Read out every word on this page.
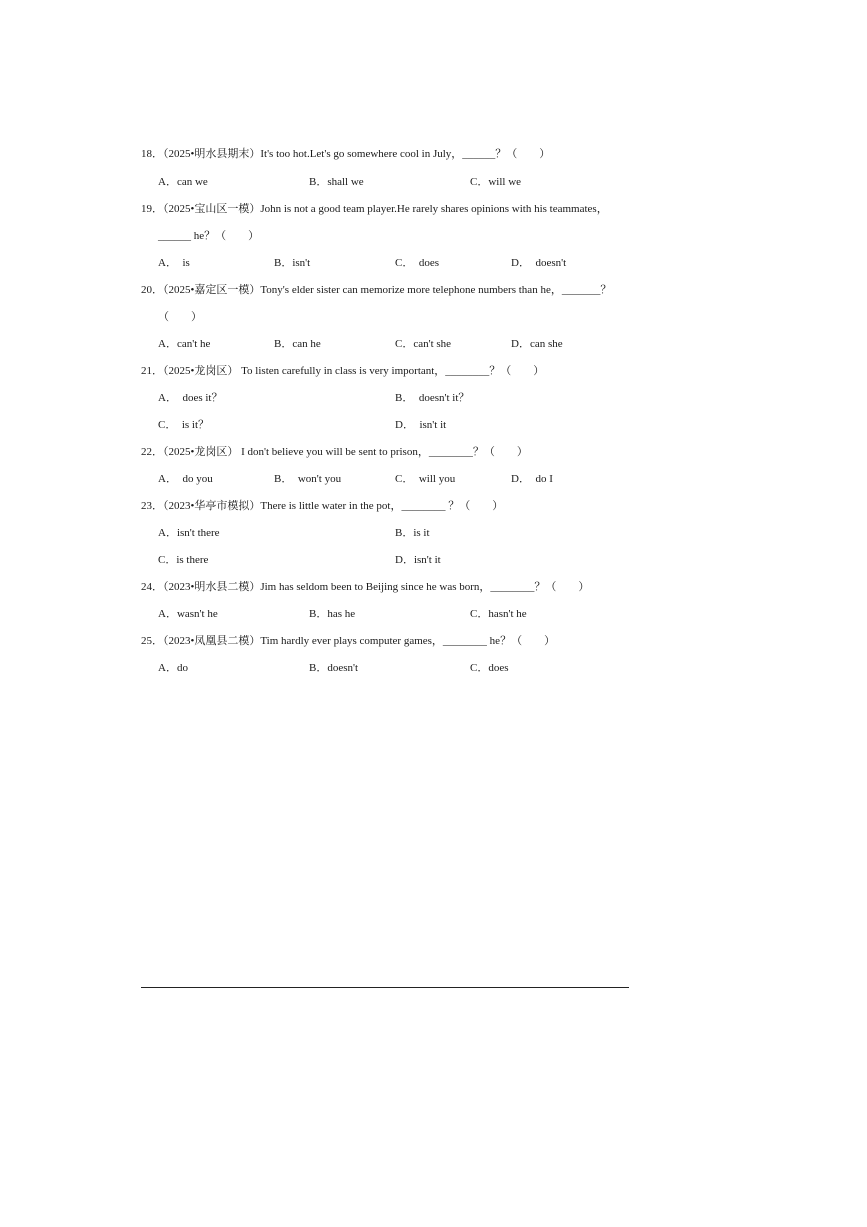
18．（2025•明水县期末）It's too hot.Let's go somewhere cool in July，______？（　　）
A．can we	B．shall we	C．will we
19．（2025•宝山区一模）John is not a good team player.He rarely shares opinions with his teammates，
______ he？（　　）
A．　is	B．isn't	C．　does	D．　doesn't
20．（2025•嘉定区一模）Tony's elder sister can memorize more telephone numbers than he，_______？
（　　）
A．can't he	B．can he	C．can't she	D．can she
21．（2025•龙岗区） To listen carefully in class is very important，________？（　　）
A．　does it？	B．　doesn't it？
C．　is it？	D．　isn't it
22．（2025•龙岗区） I don't believe you will be sent to prison，________？（　　）
A．　do you	B．　won't you	C．　will you	D．　do I
23．（2023•华亭市模拟）There is little water in the pot，________ ？（　　）
A．isn't there	B．is it
C．is there	D．isn't it
24．（2023•明水县二模）Jim has seldom been to Beijing since he was born，________？（　　）
A．wasn't he	B．has he	C．hasn't he
25．（2023•凤凰县二模）Tim hardly ever plays computer games，________ he？（　　）
A．do	B．doesn't	C．does
